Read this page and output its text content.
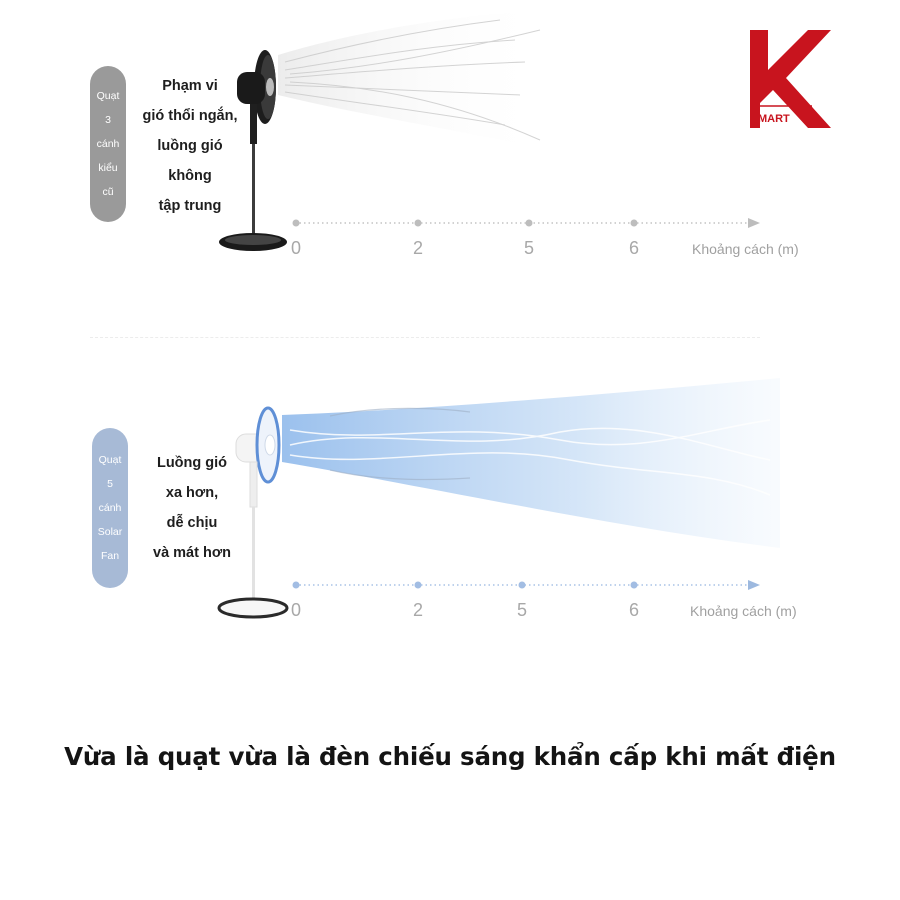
MART
Quạt
3
cánh
kiểu
cũ
Phạm vi
gió thổi ngắn,
luồng gió
không
tập trung
0	2	5	6	Khoảng cách (m)
Quạt
5
cánh
Solar
Fan
Luồng gió
xa hơn,
dễ chịu
và mát hơn
0	2	5	6	Khoảng cách (m)
Vừa là quạt vừa là đèn chiếu sáng khẩn cấp khi mất điện
